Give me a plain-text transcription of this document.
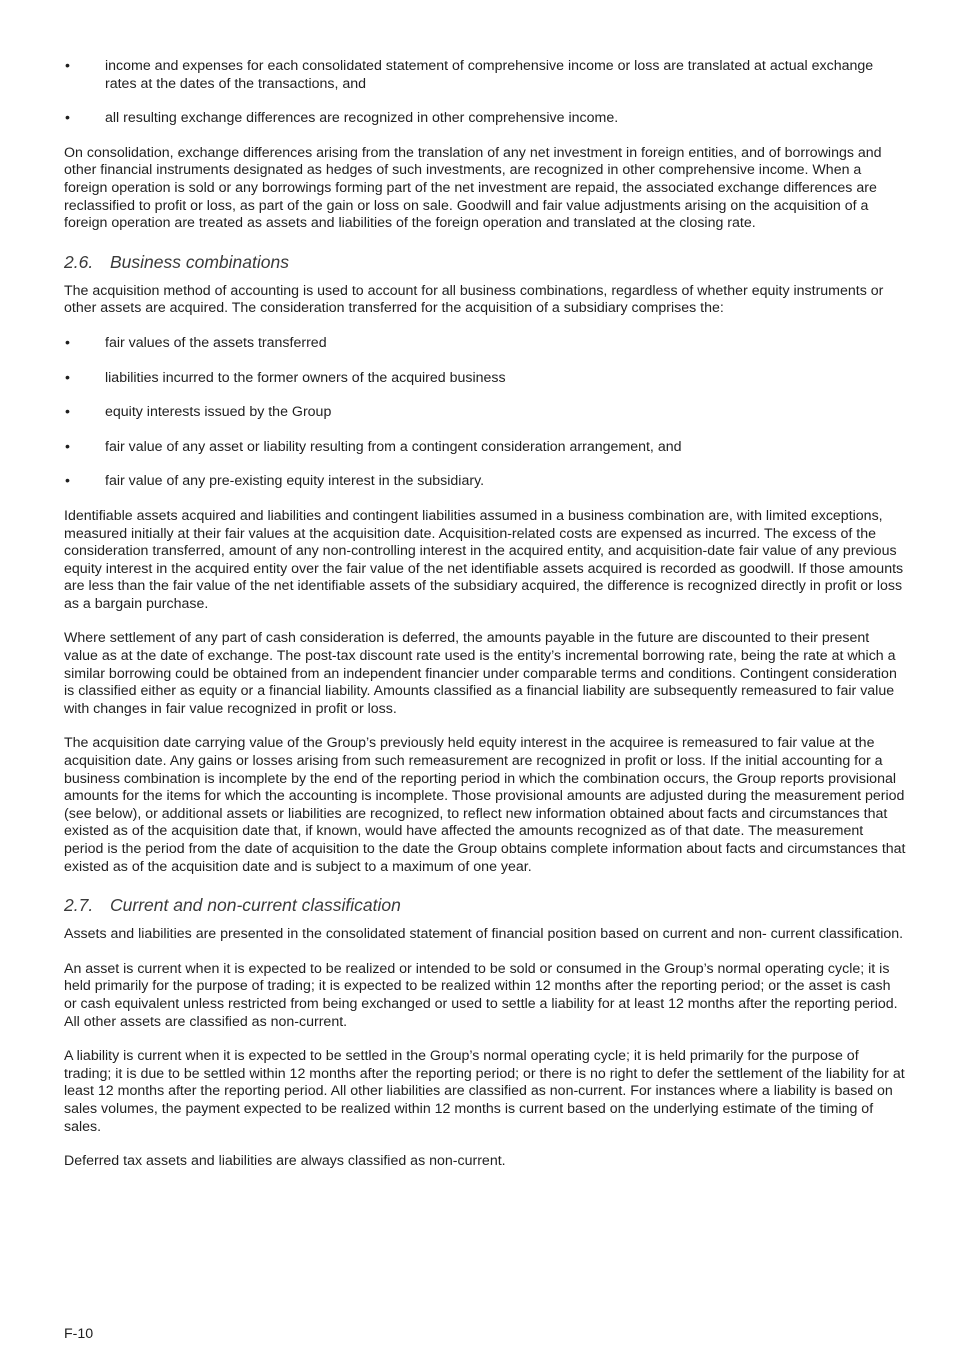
• income and expenses for each consolidated statement of comprehensive income or loss are translated at actual exchange rates at the dates of the transactions, and
• all resulting exchange differences are recognized in other comprehensive income.

On consolidation, exchange differences arising from the translation of any net investment in foreign entities, and of borrowings and other financial instruments designated as hedges of such investments, are recognized in other comprehensive income. When a foreign operation is sold or any borrowings forming part of the net investment are repaid, the associated exchange differences are reclassified to profit or loss, as part of the gain or loss on sale. Goodwill and fair value adjustments arising on the acquisition of a foreign operation are treated as assets and liabilities of the foreign operation and translated at the closing rate.

2.6. Business combinations

The acquisition method of accounting is used to account for all business combinations, regardless of whether equity instruments or other assets are acquired. The consideration transferred for the acquisition of a subsidiary comprises the:

• fair values of the assets transferred
• liabilities incurred to the former owners of the acquired business
• equity interests issued by the Group
• fair value of any asset or liability resulting from a contingent consideration arrangement, and
• fair value of any pre-existing equity interest in the subsidiary.

Identifiable assets acquired and liabilities and contingent liabilities assumed in a business combination are, with limited exceptions, measured initially at their fair values at the acquisition date. Acquisition-related costs are expensed as incurred. The excess of the consideration transferred, amount of any non-controlling interest in the acquired entity, and acquisition-date fair value of any previous equity interest in the acquired entity over the fair value of the net identifiable assets acquired is recorded as goodwill. If those amounts are less than the fair value of the net identifiable assets of the subsidiary acquired, the difference is recognized directly in profit or loss as a bargain purchase.

Where settlement of any part of cash consideration is deferred, the amounts payable in the future are discounted to their present value as at the date of exchange. The post-tax discount rate used is the entity’s incremental borrowing rate, being the rate at which a similar borrowing could be obtained from an independent financier under comparable terms and conditions. Contingent consideration is classified either as equity or a financial liability. Amounts classified as a financial liability are subsequently remeasured to fair value with changes in fair value recognized in profit or loss.

The acquisition date carrying value of the Group’s previously held equity interest in the acquiree is remeasured to fair value at the acquisition date. Any gains or losses arising from such remeasurement are recognized in profit or loss. If the initial accounting for a business combination is incomplete by the end of the reporting period in which the combination occurs, the Group reports provisional amounts for the items for which the accounting is incomplete. Those provisional amounts are adjusted during the measurement period (see below), or additional assets or liabilities are recognized, to reflect new information obtained about facts and circumstances that existed as of the acquisition date that, if known, would have affected the amounts recognized as of that date. The measurement period is the period from the date of acquisition to the date the Group obtains complete information about facts and circumstances that existed as of the acquisition date and is subject to a maximum of one year.

2.7. Current and non-current classification

Assets and liabilities are presented in the consolidated statement of financial position based on current and non- current classification.

An asset is current when it is expected to be realized or intended to be sold or consumed in the Group’s normal operating cycle; it is held primarily for the purpose of trading; it is expected to be realized within 12 months after the reporting period; or the asset is cash or cash equivalent unless restricted from being exchanged or used to settle a liability for at least 12 months after the reporting period. All other assets are classified as non-current.

A liability is current when it is expected to be settled in the Group’s normal operating cycle; it is held primarily for the purpose of trading; it is due to be settled within 12 months after the reporting period; or there is no right to defer the settlement of the liability for at least 12 months after the reporting period. All other liabilities are classified as non-current. For instances where a liability is based on sales volumes, the payment expected to be realized within 12 months is current based on the underlying estimate of the timing of sales.

Deferred tax assets and liabilities are always classified as non-current.

F-10
